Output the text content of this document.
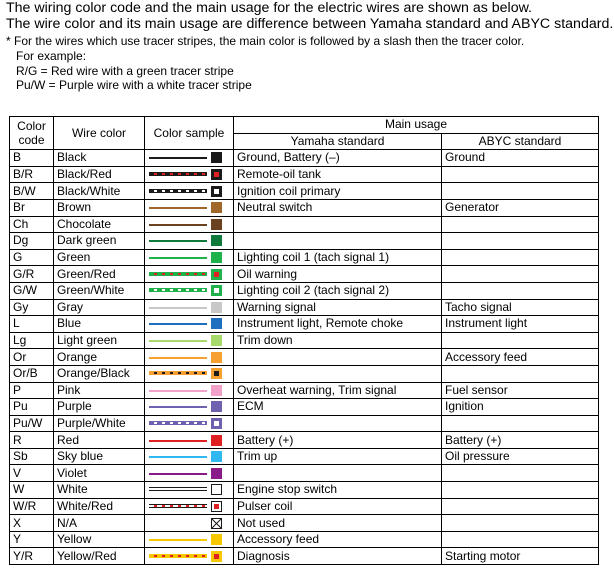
The wiring color code and the main usage for the electric wires are shown as below.

The wire color and its main usage are difference between Yamaha standard and ABYC standard.

* For the wires which use tracer stripes, the main color is followed by a slash then the tracer color.

For example:

R/G = Red wire with a green tracer stripe

Pu/W = Purple wire with a white tracer stripe

Color code	Wire color	Color sample	Main usage	
			Yamaha standard	ABYC standard
B	Black		Ground, Battery (–)	Ground
B/R	Black/Red		Remote-oil tank	
B/W	Black/White		Ignition coil primary	
Br	Brown		Neutral switch	Generator
Ch	Chocolate	

Dg	Dark green	

G	Green		Lighting coil 1 (tach signal 1)	
G/R	Green/Red		Oil warning	
G/W	Green/White		Lighting coil 2 (tach signal 2)	
Gy	Gray		Warning signal	Tacho signal
L	Blue		Instrument light, Remote choke	Instrument light
Lg	Light green		Trim down	
Or	Orange			Accessory feed
Or/B	Orange/Black	

P	Pink		Overheat warning, Trim signal	Fuel sensor
Pu	Purple		ECM	Ignition
Pu/W	Purple/White	

R	Red		Battery (+)	Battery (+)
Sb	Sky blue		Trim up	Oil pressure
V	Violet	

W	White		Engine stop switch	
W/R	White/Red		Pulser coil	
X	N/A		Not used	
Y	Yellow		Accessory feed	
Y/R	Yellow/Red		Diagnosis	Starting motor
